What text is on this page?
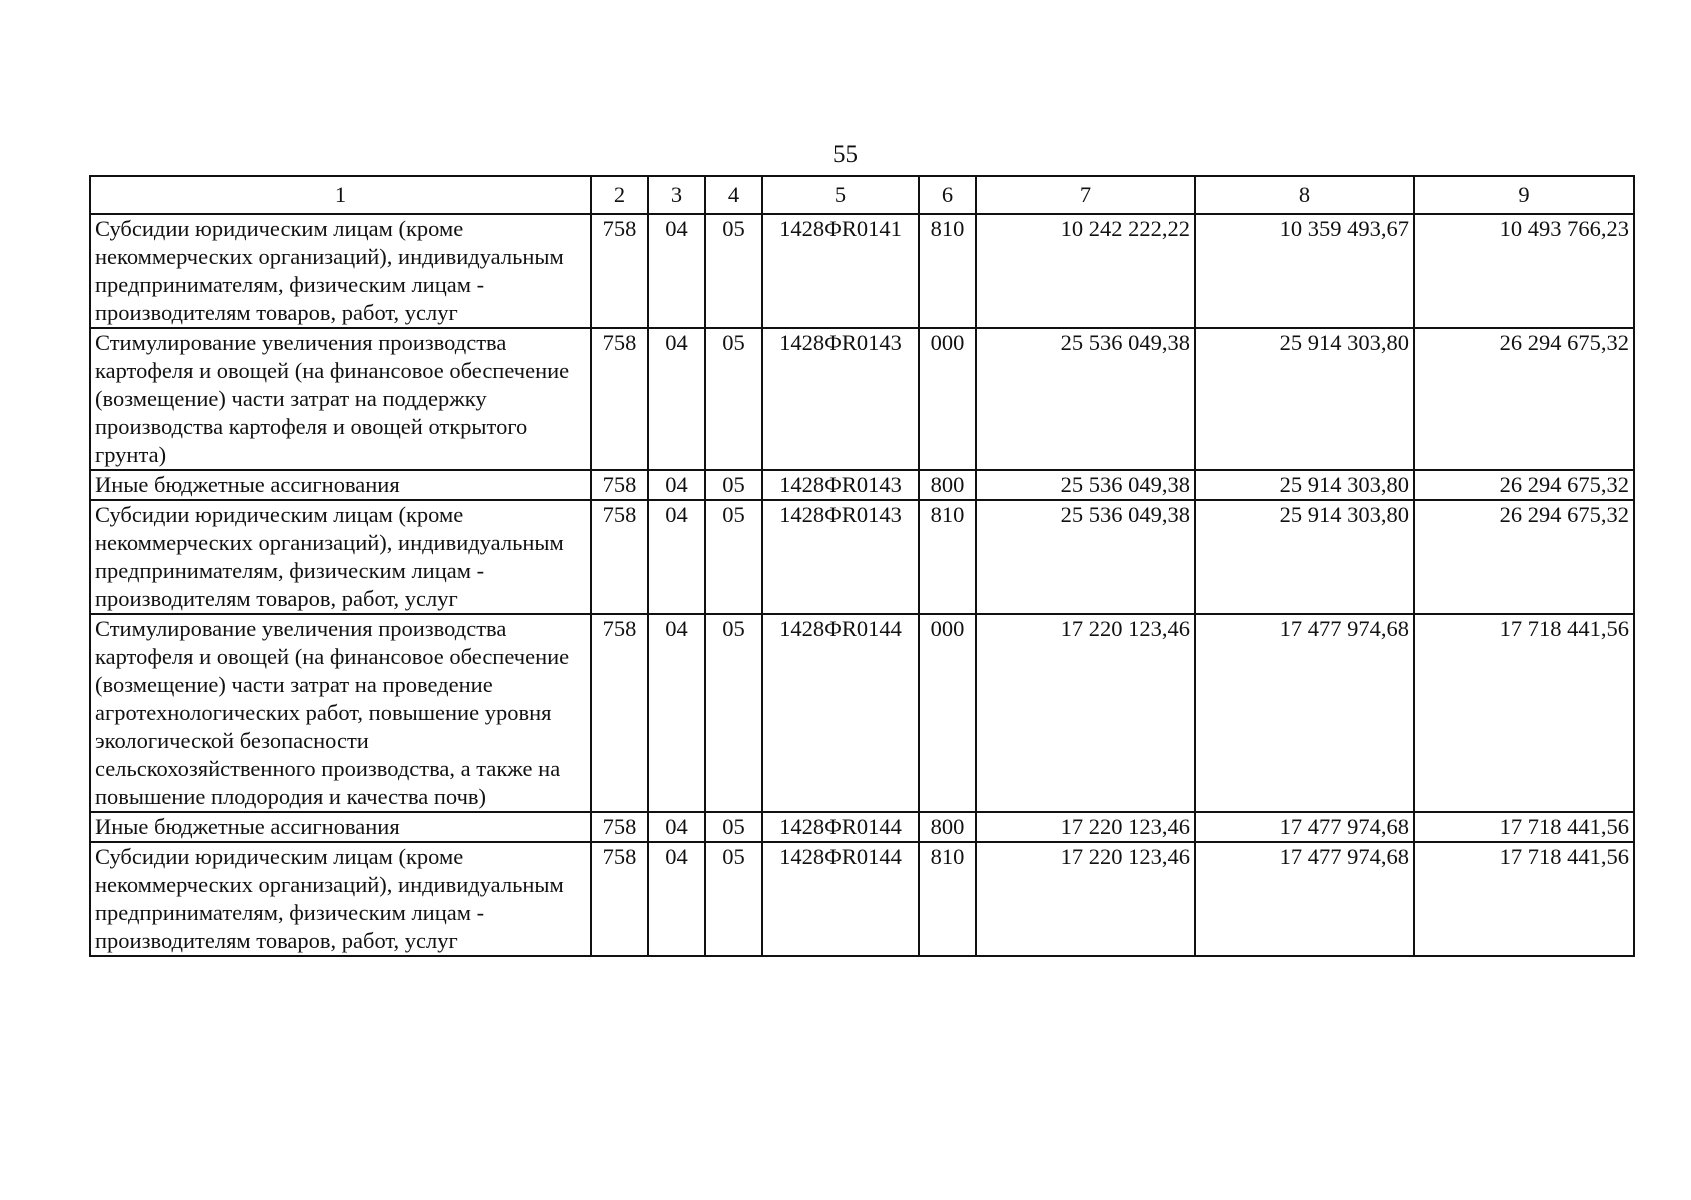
55
1	2	3	4	5	6	7	8	9
Субсидии юридическим лицам (кроме некоммерческих организаций), индивидуальным предпринимателям, физическим лицам - производителям товаров, работ, услуг	758	04	05	1428ФR0141	810	10 242 222,22	10 359 493,67	10 493 766,23
Стимулирование увеличения производства картофеля и овощей (на финансовое обеспечение (возмещение) части затрат на поддержку производства картофеля и овощей открытого грунта)	758	04	05	1428ФR0143	000	25 536 049,38	25 914 303,80	26 294 675,32
Иные бюджетные ассигнования	758	04	05	1428ФR0143	800	25 536 049,38	25 914 303,80	26 294 675,32
Субсидии юридическим лицам (кроме некоммерческих организаций), индивидуальным предпринимателям, физическим лицам - производителям товаров, работ, услуг	758	04	05	1428ФR0143	810	25 536 049,38	25 914 303,80	26 294 675,32
Стимулирование увеличения производства картофеля и овощей (на финансовое обеспечение (возмещение) части затрат на проведение агротехнологических работ, повышение уровня экологической безопасности сельскохозяйственного производства, а также на повышение плодородия и качества почв)	758	04	05	1428ФR0144	000	17 220 123,46	17 477 974,68	17 718 441,56
Иные бюджетные ассигнования	758	04	05	1428ФR0144	800	17 220 123,46	17 477 974,68	17 718 441,56
Субсидии юридическим лицам (кроме некоммерческих организаций), индивидуальным предпринимателям, физическим лицам - производителям товаров, работ, услуг	758	04	05	1428ФR0144	810	17 220 123,46	17 477 974,68	17 718 441,56
